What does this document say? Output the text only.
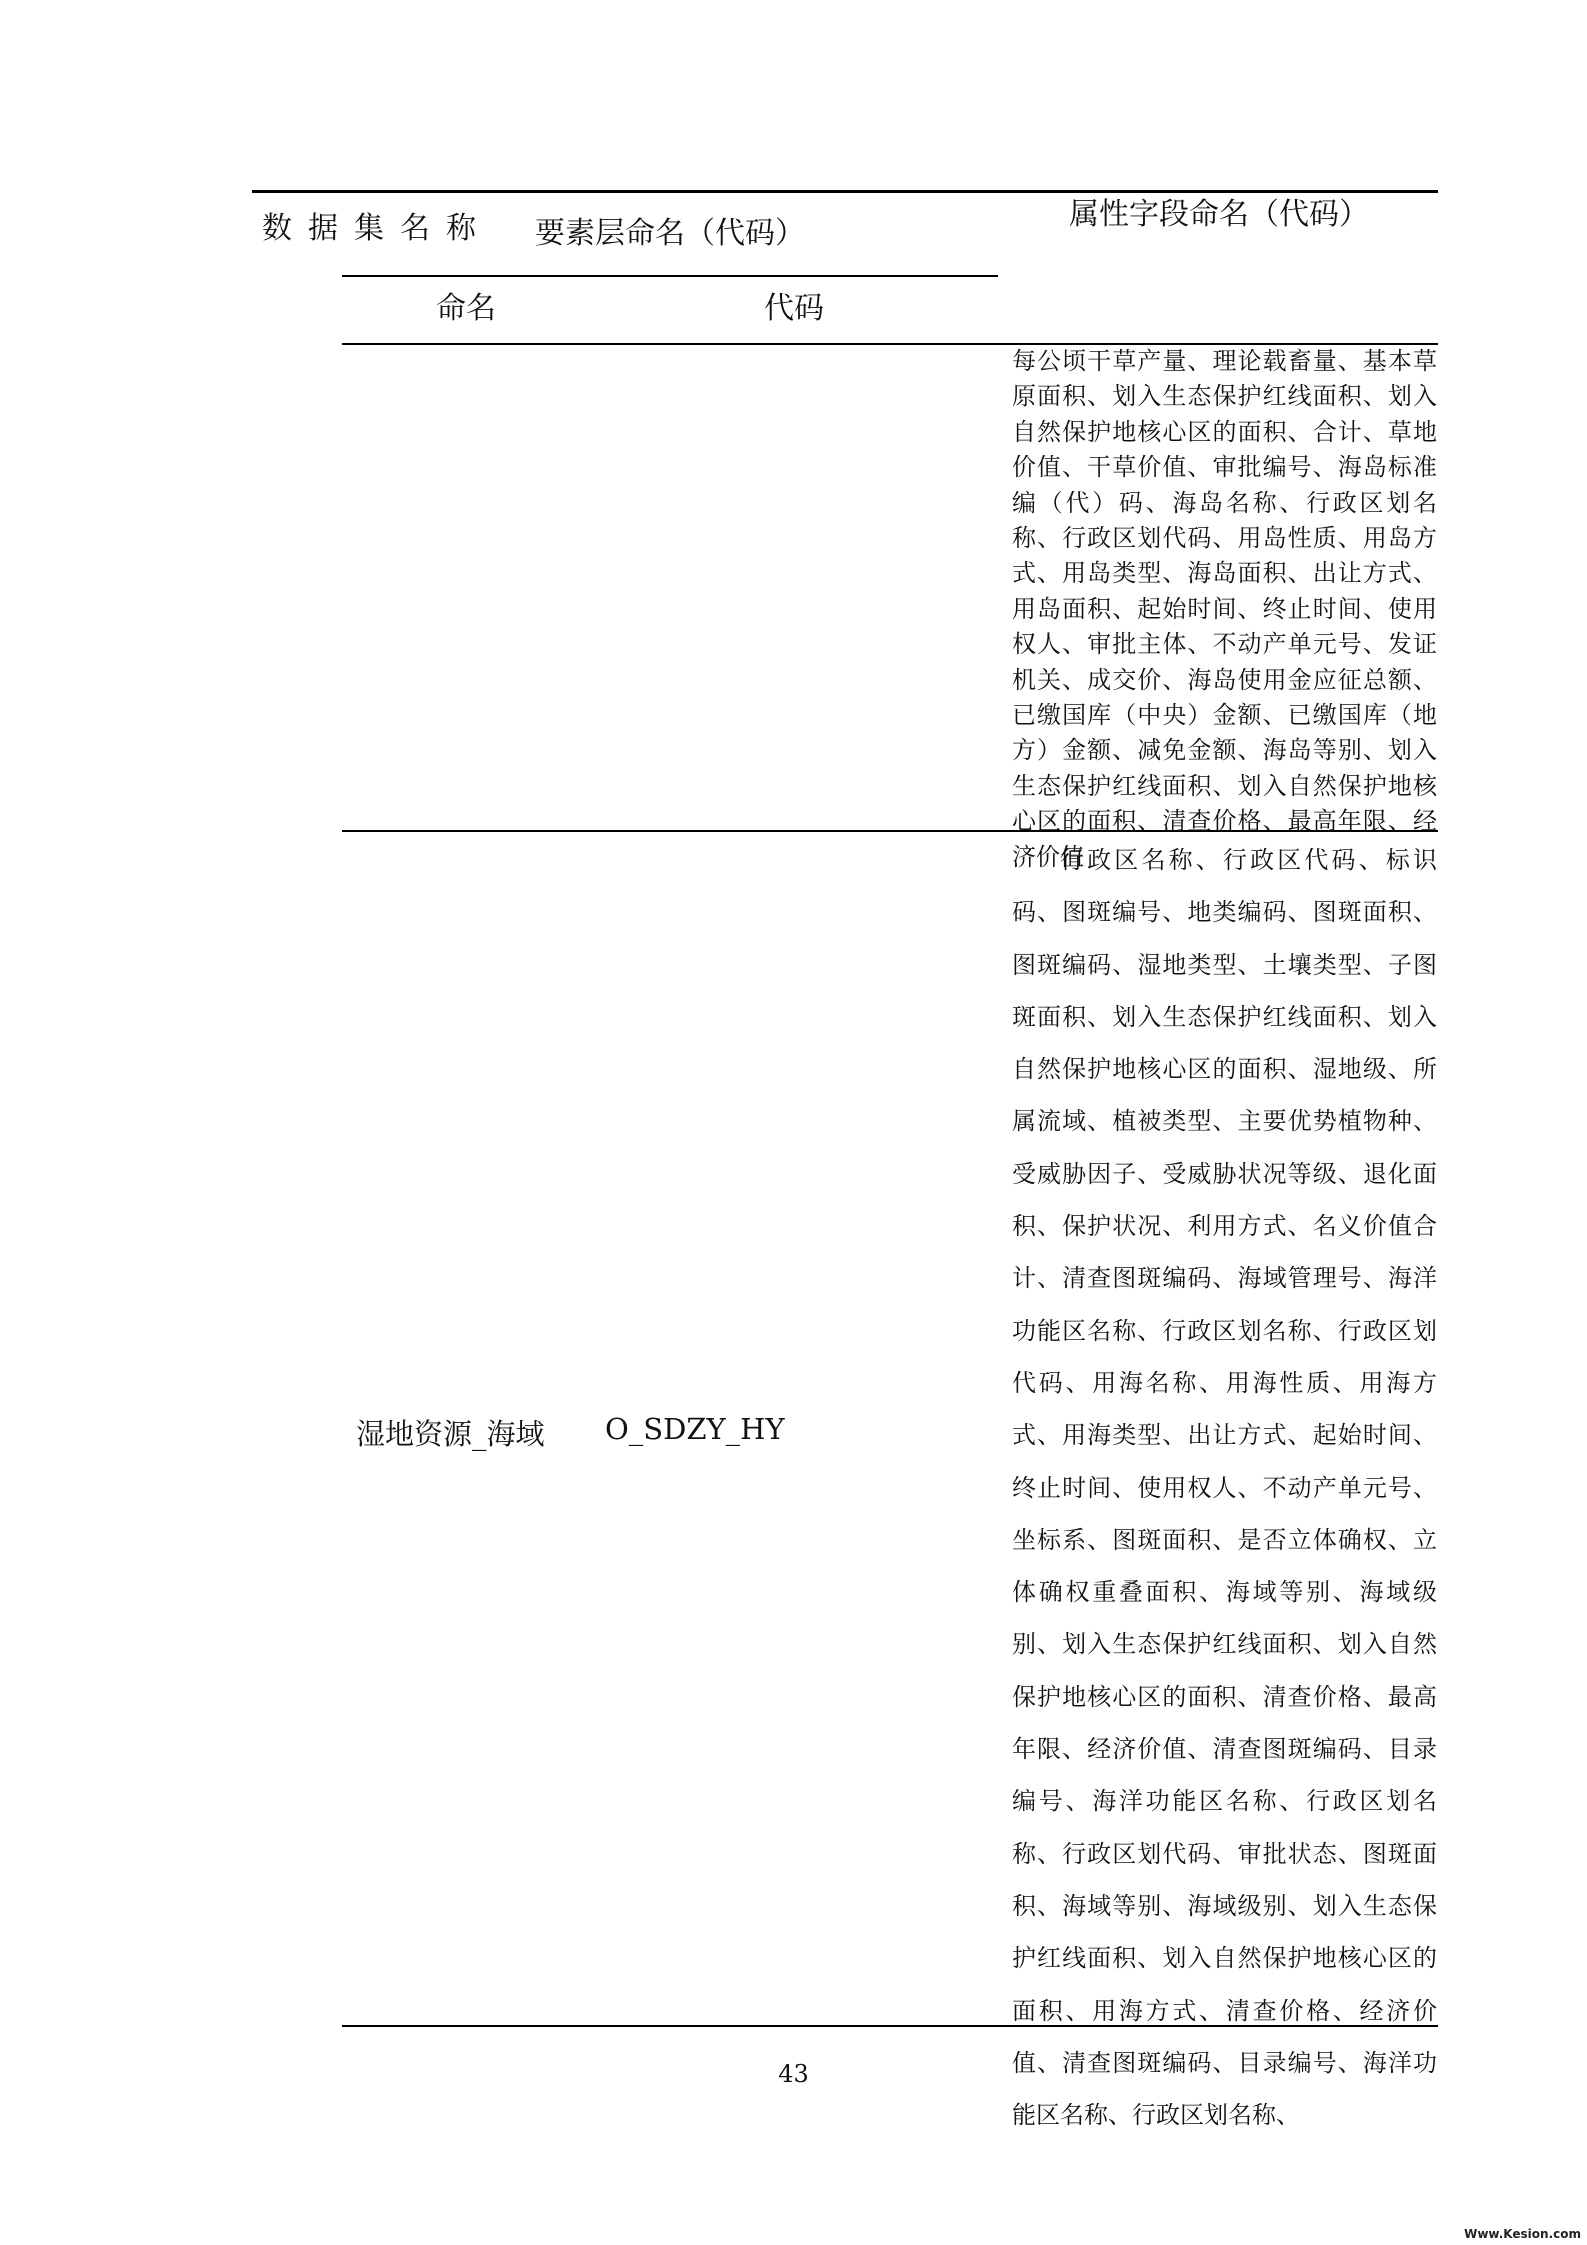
数据集名称	要素层命名（代码）
属性字段命名（代码）
命名	代码
每公顷干草产量、理论载畜量、基本草原面积、划入生态保护红线面积、划入自然保护地核心区的面积、合计、草地价值、干草价值、审批编号、海岛标准编（代）码、海岛名称、行政区划名称、行政区划代码、用岛性质、用岛方式、用岛类型、海岛面积、出让方式、用岛面积、起始时间、终止时间、使用权人、审批主体、不动产单元号、发证机关、成交价、海岛使用金应征总额、已缴国库（中央）金额、已缴国库（地方）金额、减免金额、海岛等别、划入生态保护红线面积、划入自然保护地核心区的面积、清查价格、最高年限、经济价值
湿地资源_海域 O_SDZY_HY
行政区名称、行政区代码、标识码、图斑编号、地类编码、图斑面积、图斑编码、湿地类型、土壤类型、子图斑面积、划入生态保护红线面积、划入自然保护地核心区的面积、湿地级、所属流域、植被类型、主要优势植物种、受威胁因子、受威胁状况等级、退化面积、保护状况、利用方式、名义价值合计、清查图斑编码、海域管理号、海洋功能区名称、行政区划名称、行政区划代码、用海名称、用海性质、用海方式、用海类型、出让方式、起始时间、终止时间、使用权人、不动产单元号、坐标系、图斑面积、是否立体确权、立体确权重叠面积、海域等别、海域级别、划入生态保护红线面积、划入自然保护地核心区的面积、清查价格、最高年限、经济价值、清查图斑编码、目录编号、海洋功能区名称、行政区划名称、行政区划代码、审批状态、图斑面积、海域等别、海域级别、划入生态保护红线面积、划入自然保护地核心区的面积、用海方式、清查价格、经济价值、清查图斑编码、目录编号、海洋功能区名称、行政区划名称、
43
Www.Kesion.com
